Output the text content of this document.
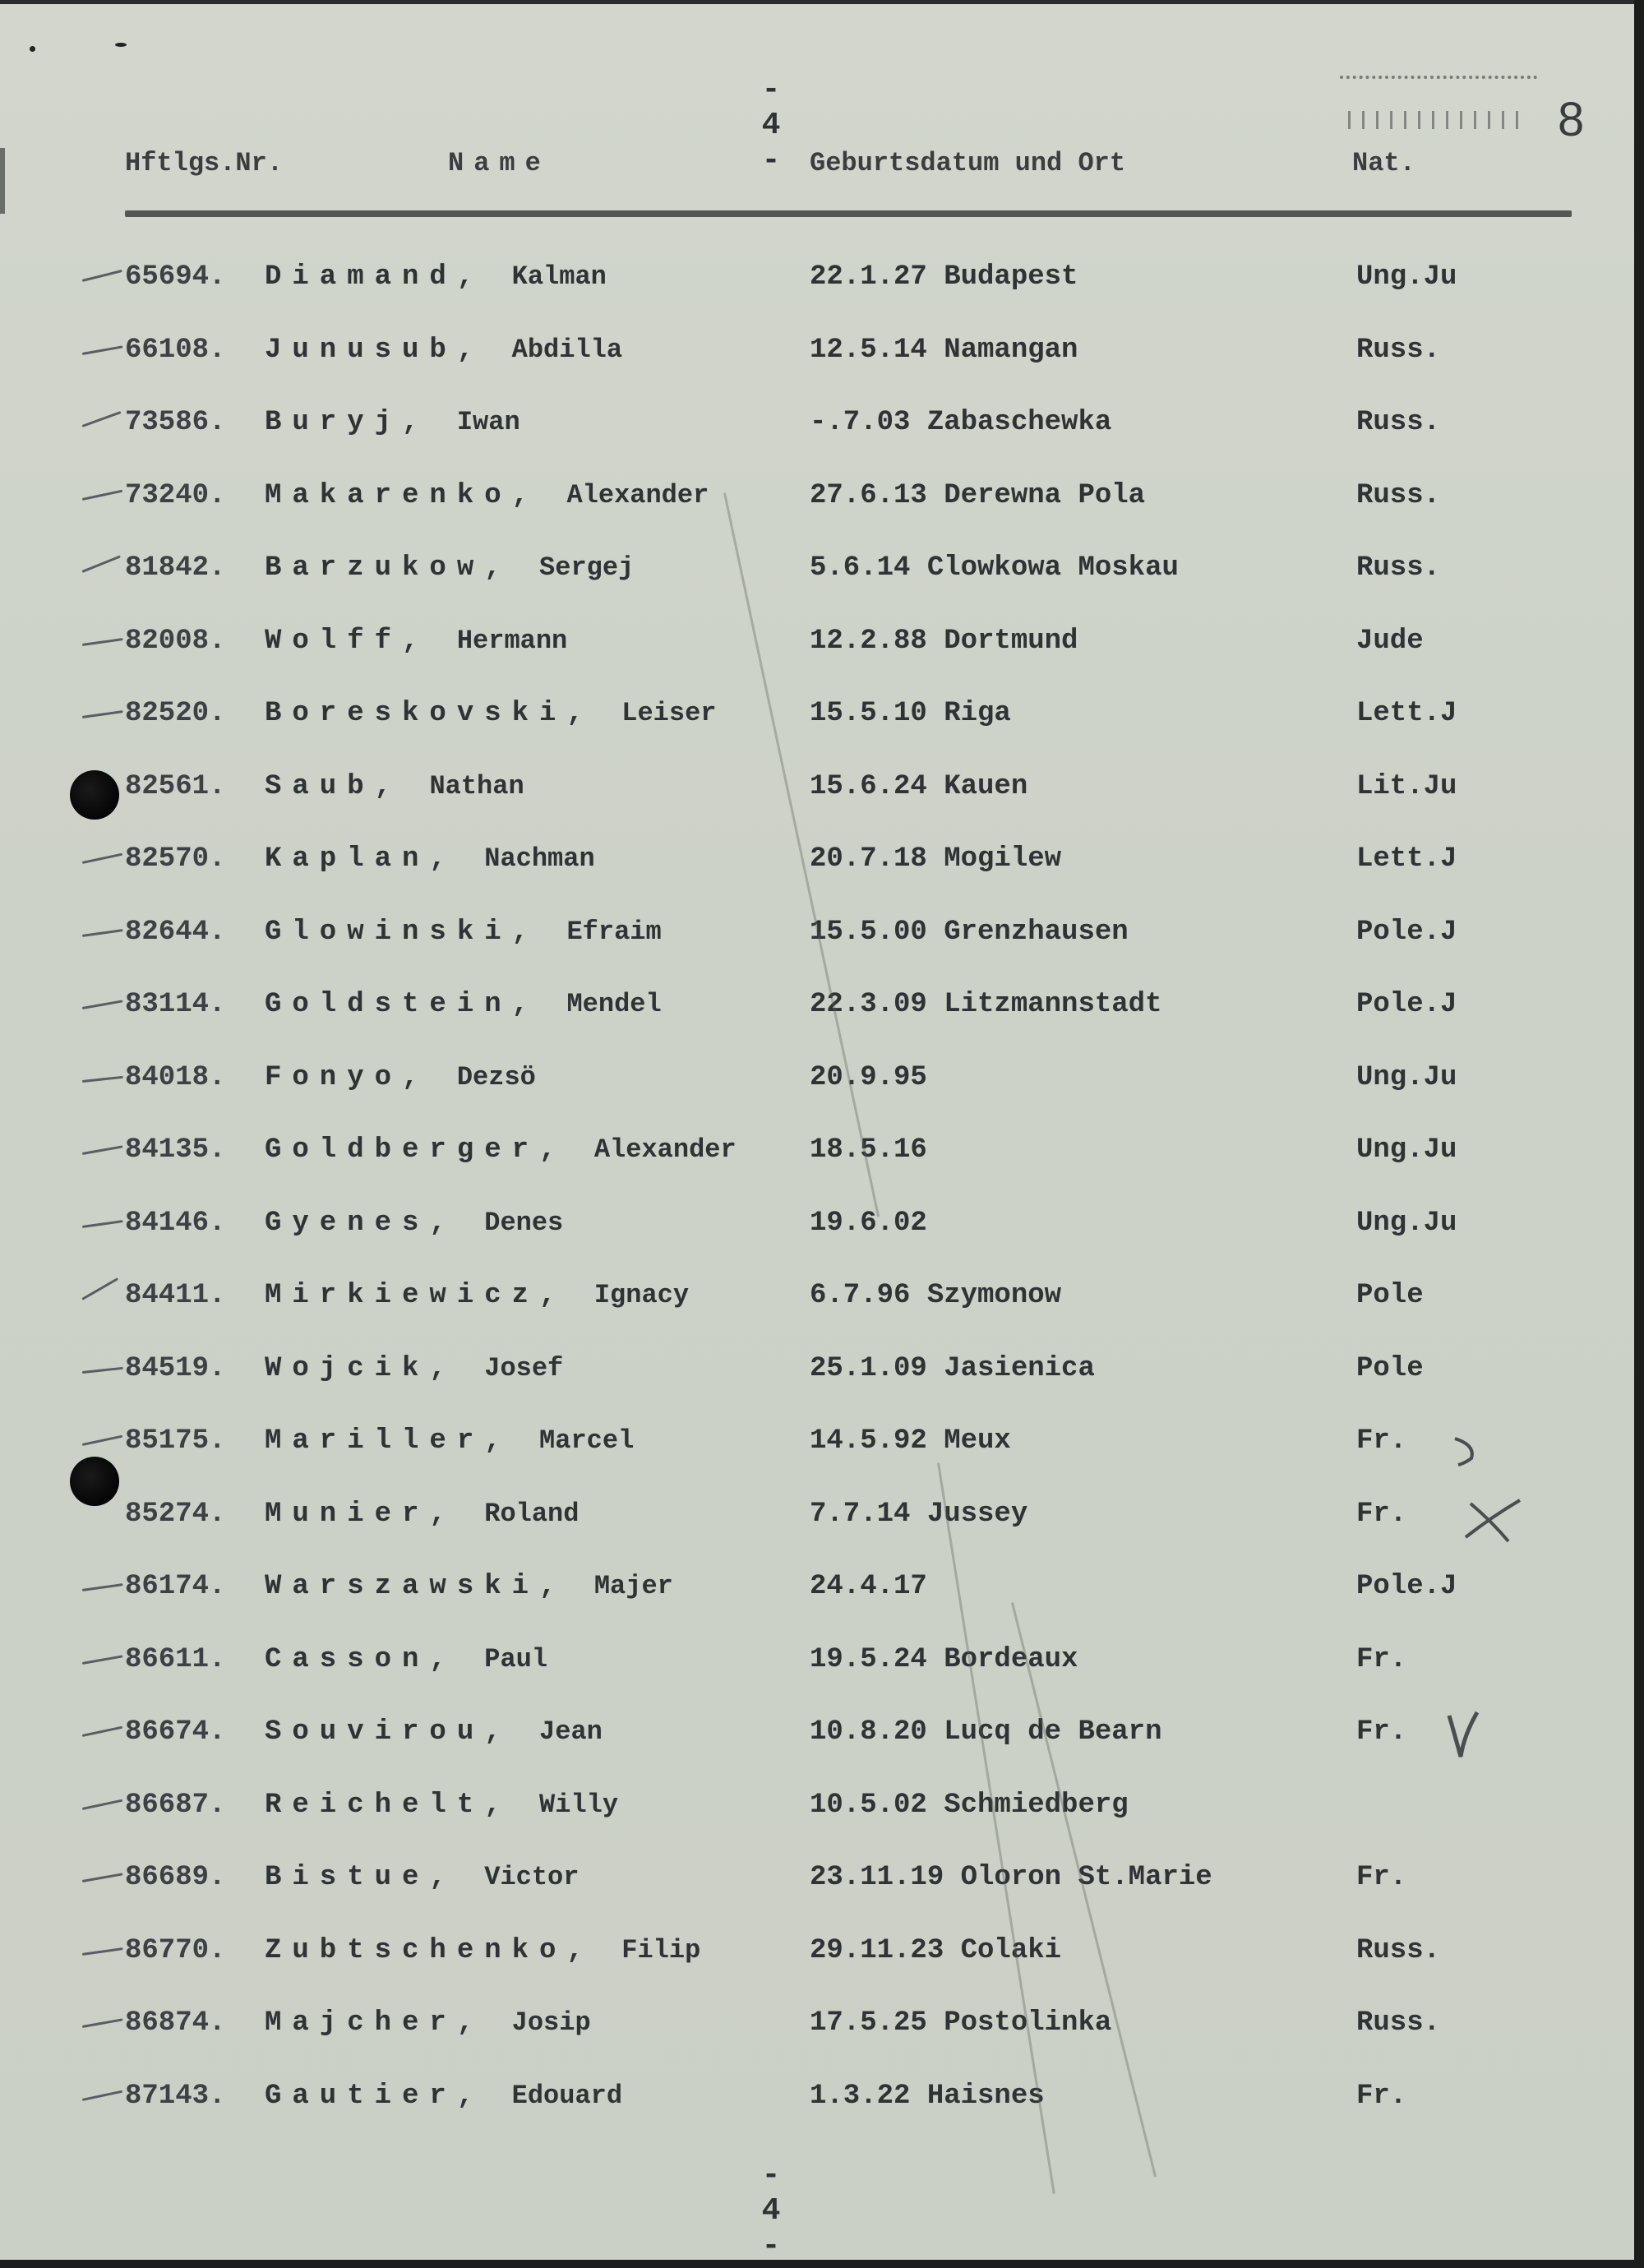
- 4 -
8
Hftlgs.Nr.	Name	Geburtsdatum und Ort	Nat.
65694. Diamand, Kalman	22.1.27 Budapest	Ung.Ju
66108. Junusub, Abdilla	12.5.14 Namangan	Russ.
73586. Buryj, Iwan	-.7.03 Zabaschewka	Russ.
73240. Makarenko, Alexander	27.6.13 Derewna Pola	Russ.
81842. Barzukow, Sergej	5.6.14 Clowkowa Moskau	Russ.
82008. Wolff, Hermann	12.2.88 Dortmund	Jude
82520. Boreskovski, Leiser	15.5.10 Riga	Lett.J
82561. Saub, Nathan	15.6.24 Kauen	Lit.Ju
82570. Kaplan, Nachman	20.7.18 Mogilew	Lett.J
82644. Glowinski, Efraim	15.5.00 Grenzhausen	Pole.J
83114. Goldstein, Mendel	22.3.09 Litzmannstadt	Pole.J
84018. Fonyo, Dezsö	20.9.95	Ung.Ju
84135. Goldberger, Alexander	18.5.16	Ung.Ju
84146. Gyenes, Denes	19.6.02	Ung.Ju
84411. Mirkiewicz, Ignacy	6.7.96 Szymonow	Pole
84519. Wojcik, Josef	25.1.09 Jasienica	Pole
85175. Mariller, Marcel	14.5.92 Meux	Fr.
85274. Munier, Roland	7.7.14 Jussey	Fr.
86174. Warszawski, Majer	24.4.17	Pole.J
86611. Casson, Paul	19.5.24 Bordeaux	Fr.
86674. Souvirou, Jean	10.8.20 Lucq de Bearn	Fr.
86687. Reichelt, Willy	10.5.02 Schmiedberg
86689. Bistue, Victor	23.11.19 Oloron St.Marie	Fr.
86770. Zubtschenko, Filip	29.11.23 Colaki	Russ.
86874. Majcher, Josip	17.5.25 Postolinka	Russ.
87143. Gautier, Edouard	1.3.22 Haisnes	Fr.
- 4 -
